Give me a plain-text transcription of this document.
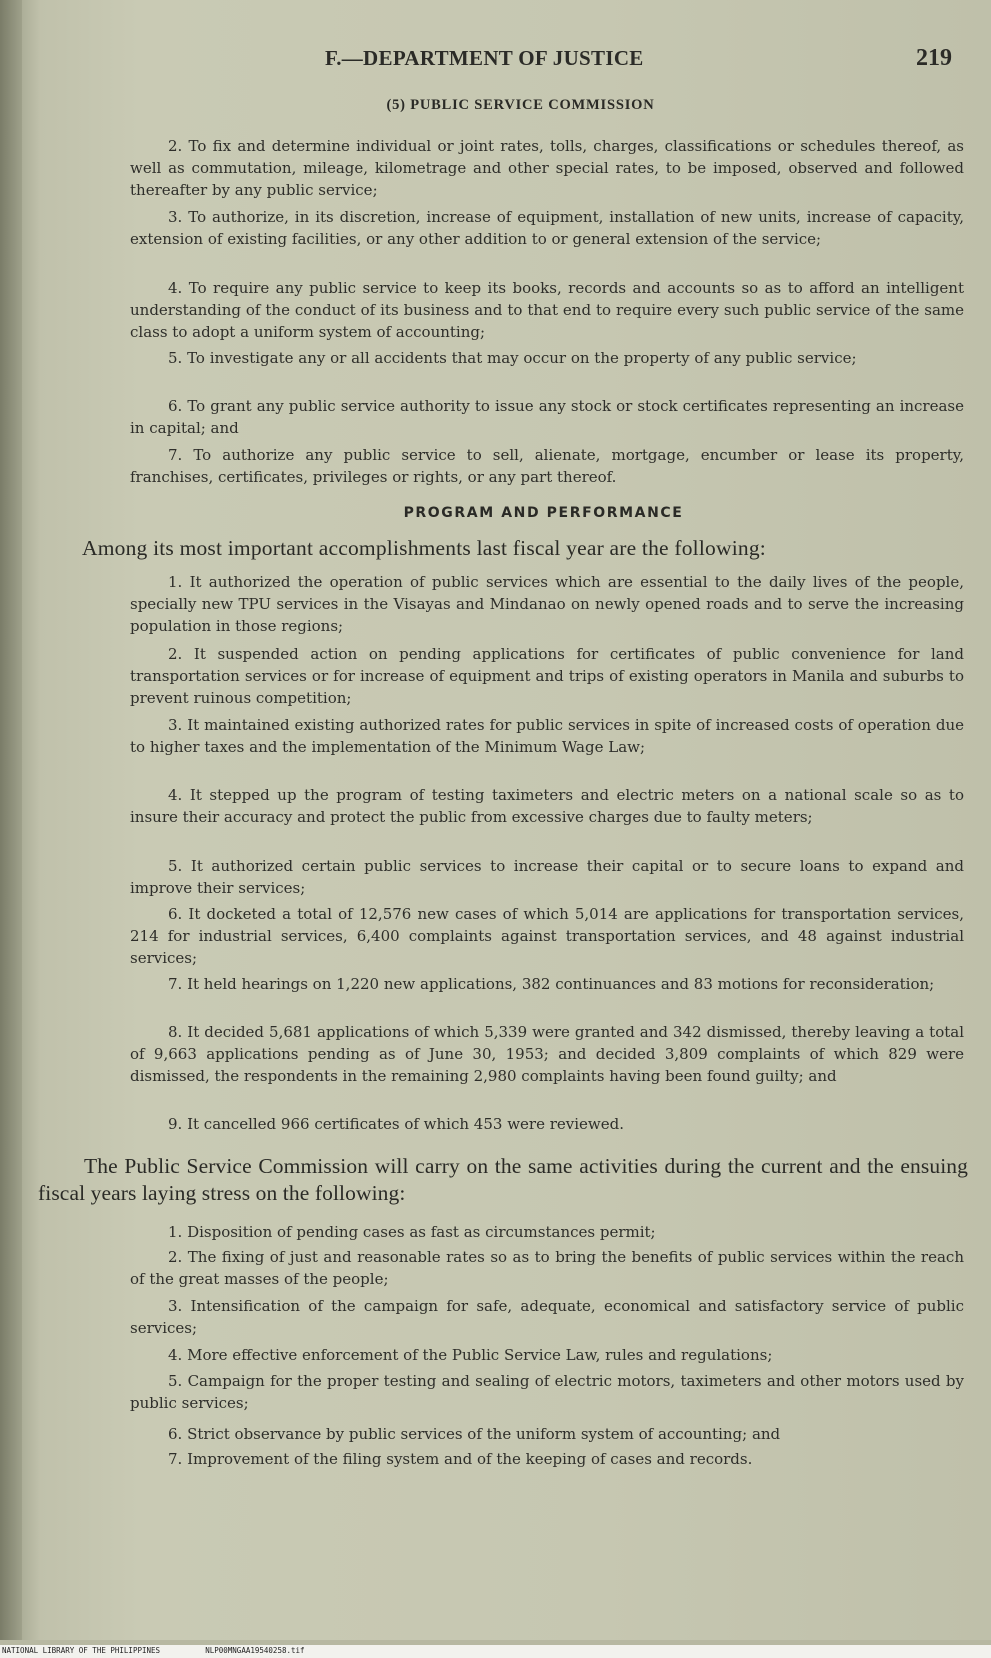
F.—DEPARTMENT OF JUSTICE	219
(5) PUBLIC SERVICE COMMISSION
2. To fix and determine individual or joint rates, tolls, charges, classifications or schedules thereof, as well as commutation, mileage, kilometrage and other special rates, to be imposed, observed and followed thereafter by any public service;
3. To authorize, in its discretion, increase of equipment, installation of new units, increase of capacity, extension of existing facilities, or any other addition to or general extension of the service;
4. To require any public service to keep its books, records and accounts so as to afford an intelligent understanding of the conduct of its business and to that end to require every such public service of the same class to adopt a uniform system of accounting;
5. To investigate any or all accidents that may occur on the property of any public service;
6. To grant any public service authority to issue any stock or stock certificates representing an increase in capital; and
7. To authorize any public service to sell, alienate, mortgage, encumber or lease its property, franchises, certificates, privileges or rights, or any part thereof.
PROGRAM AND PERFORMANCE
Among its most important accomplishments last fiscal year are the following:
1. It authorized the operation of public services which are essential to the daily lives of the people, specially new TPU services in the Visayas and Mindanao on newly opened roads and to serve the increasing population in those regions;
2. It suspended action on pending applications for certificates of public convenience for land transportation services or for increase of equipment and trips of existing operators in Manila and suburbs to prevent ruinous competition;
3. It maintained existing authorized rates for public services in spite of increased costs of operation due to higher taxes and the implementation of the Minimum Wage Law;
4. It stepped up the program of testing taximeters and electric meters on a national scale so as to insure their accuracy and protect the public from excessive charges due to faulty meters;
5. It authorized certain public services to increase their capital or to secure loans to expand and improve their services;
6. It docketed a total of 12,576 new cases of which 5,014 are applications for transportation services, 214 for industrial services, 6,400 complaints against transportation services, and 48 against industrial services;
7. It held hearings on 1,220 new applications, 382 continuances and 83 motions for reconsideration;
8. It decided 5,681 applications of which 5,339 were granted and 342 dismissed, thereby leaving a total of 9,663 applications pending as of June 30, 1953; and decided 3,809 complaints of which 829 were dismissed, the respondents in the remaining 2,980 complaints having been found guilty; and
9. It cancelled 966 certificates of which 453 were reviewed.
The Public Service Commission will carry on the same activities during the current and the ensuing fiscal years laying stress on the following:
1. Disposition of pending cases as fast as circumstances permit;
2. The fixing of just and reasonable rates so as to bring the benefits of public services within the reach of the great masses of the people;
3. Intensification of the campaign for safe, adequate, economical and satisfactory service of public services;
4. More effective enforcement of the Public Service Law, rules and regulations;
5. Campaign for the proper testing and sealing of electric motors, taximeters and other motors used by public services;
6. Strict observance by public services of the uniform system of accounting; and
7. Improvement of the filing system and of the keeping of cases and records.
NATIONAL LIBRARY OF THE PHILIPPINES	NLP00MNGAA19540258.tif
